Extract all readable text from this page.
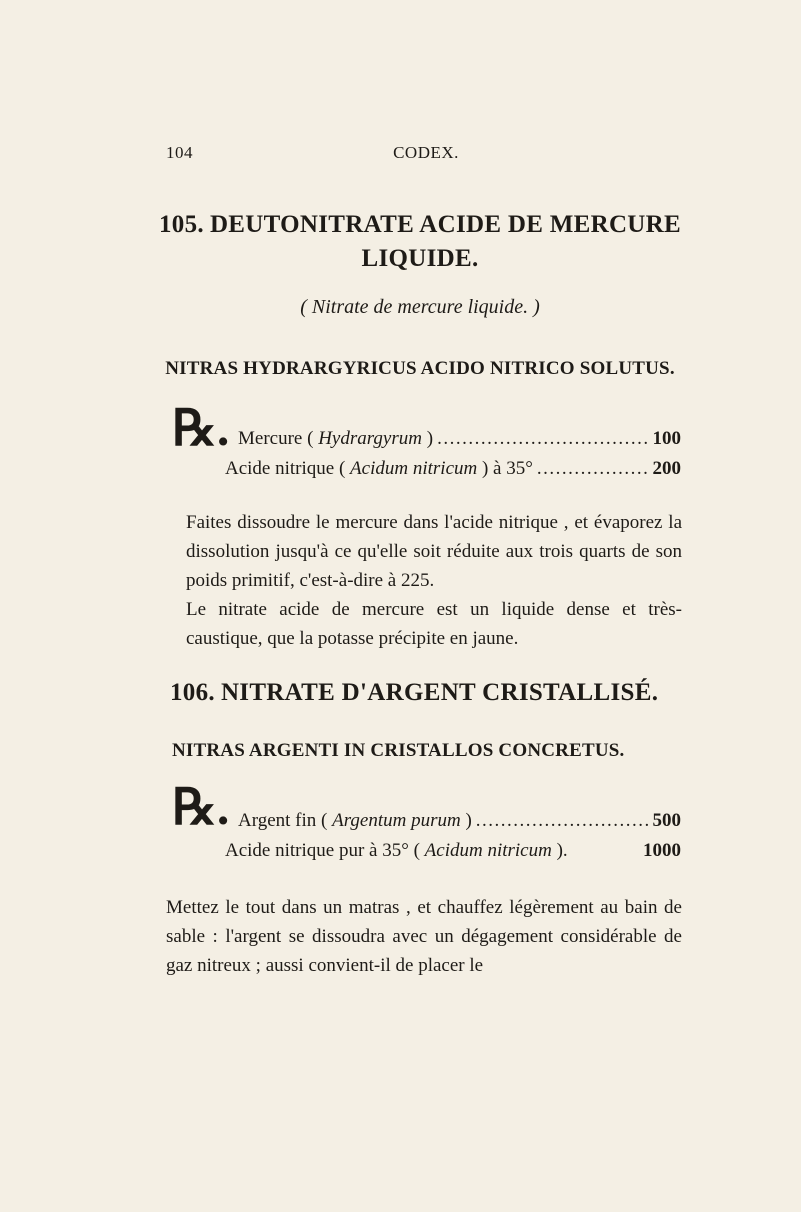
104	CODEX.
105. DEUTONITRATE ACIDE DE MERCURE
LIQUIDE.
( Nitrate de mercure liquide. )
NITRAS HYDRARGYRICUS ACIDO NITRICO SOLUTUS.
℞. Mercure ( Hydrargyrum ) .....	100
Acide nitrique ( Acidum nitricum ) à 35° .....	200
Faites dissoudre le mercure dans l'acide nitrique , et évaporez la dissolution jusqu'à ce qu'elle soit réduite aux trois quarts de son poids primitif, c'est-à-dire à 225.
Le nitrate acide de mercure est un liquide dense et très-caustique, que la potasse précipite en jaune.
106. NITRATE D'ARGENT CRISTALLISÉ.
NITRAS ARGENTI IN CRISTALLOS CONCRETUS.
℞. Argent fin ( Argentum purum ) .....	500
Acide nitrique pur à 35° ( Acidum nitricum ).	1000
Mettez le tout dans un matras , et chauffez légèrement au bain de sable : l'argent se dissoudra avec un dégagement considérable de gaz nitreux ; aussi convient-il de placer le
